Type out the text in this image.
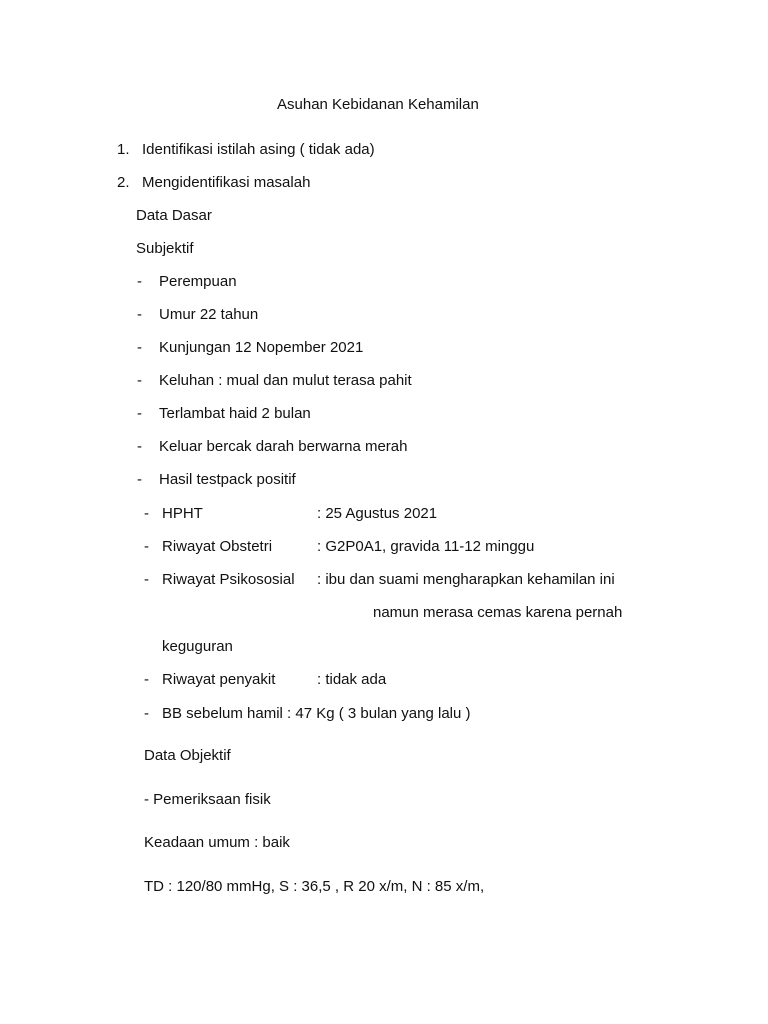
Asuhan Kebidanan Kehamilan
1. Identifikasi istilah asing ( tidak ada)
2. Mengidentifikasi masalah
Data Dasar
Subjektif
- Perempuan
- Umur 22 tahun
- Kunjungan 12 Nopember 2021
- Keluhan : mual dan mulut terasa pahit
- Terlambat haid 2 bulan
- Keluar bercak darah berwarna merah
- Hasil testpack positif
- HPHT	: 25 Agustus 2021
- Riwayat Obstetri	: G2P0A1, gravida 11-12 minggu
- Riwayat Psikososial : ibu dan suami mengharapkan kehamilan ini
namun merasa cemas karena pernah
keguguran
- Riwayat penyakit	: tidak ada
- BB sebelum hamil : 47 Kg ( 3 bulan yang lalu )
Data Objektif
- Pemeriksaan fisik
Keadaan umum : baik
TD : 120/80 mmHg, S : 36,5 , R 20 x/m, N : 85 x/m,
